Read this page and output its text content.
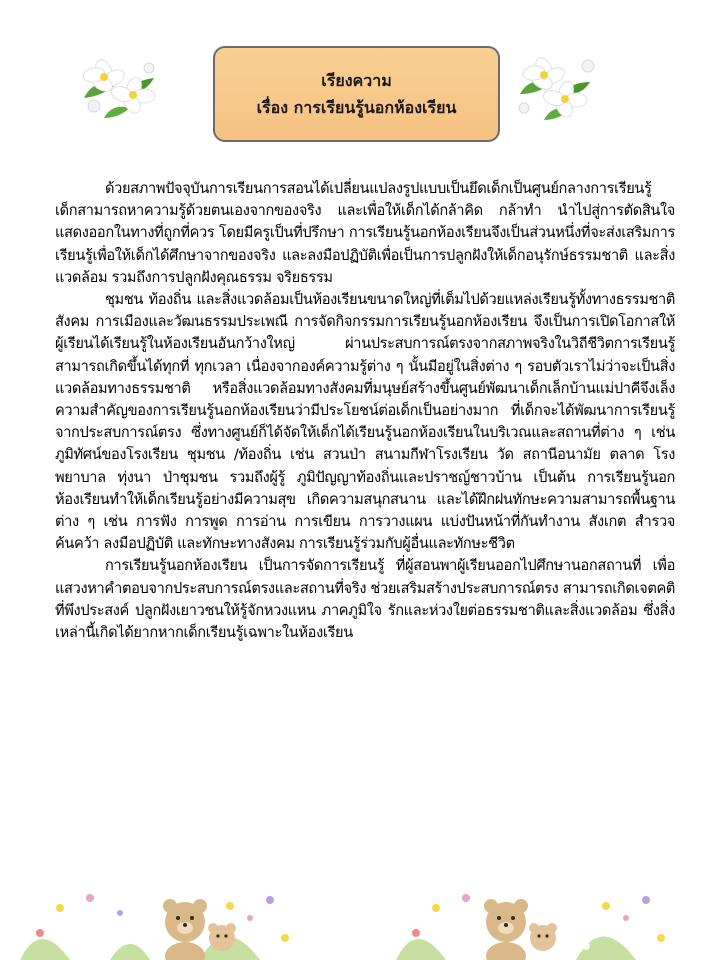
เรียงความ
เรื่อง การเรียนรู้นอกห้องเรียน

ด้วยสภาพปัจจุบันการเรียนการสอนได้เปลี่ยนแปลงรูปแบบเป็นยึดเด็กเป็นศูนย์กลางการเรียนรู้ เด็กสามารถหาความรู้ด้วยตนเองจากของจริง และเพื่อให้เด็กได้กล้าคิด กล้าทำ นำไปสู่การตัดสินใจ แสดงออกในทางที่ถูกที่ควร โดยมีครูเป็นที่ปรึกษา การเรียนรู้นอกห้องเรียนจึงเป็นส่วนหนึ่งที่จะส่งเสริมการเรียนรู้เพื่อให้เด็กได้ศึกษาจากของจริง และลงมือปฏิบัติเพื่อเป็นการปลูกฝังให้เด็กอนุรักษ์ธรรมชาติ และสิ่งแวดล้อม รวมถึงการปลูกฝังคุณธรรม จริยธรรม

ชุมชน ท้องถิ่น และสิ่งแวดล้อมเป็นห้องเรียนขนาดใหญ่ที่เต็มไปด้วยแหล่งเรียนรู้ทั้งทางธรรมชาติ สังคม การเมืองและวัฒนธรรมประเพณี การจัดกิจกรรมการเรียนรู้นอกห้องเรียน จึงเป็นการเปิดโอกาสให้ผู้เรียนได้เรียนรู้ในห้องเรียนอันกว้างใหญ่ ผ่านประสบการณ์ตรงจากสภาพจริงในวิถีชีวิตการเรียนรู้สามารถเกิดขึ้นได้ทุกที่ ทุกเวลา เนื่องจากองค์ความรู้ต่าง ๆ นั้นมีอยู่ในสิ่งต่าง ๆ รอบตัวเราไม่ว่าจะเป็นสิ่งแวดล้อมทางธรรมชาติ หรือสิ่งแวดล้อมทางสังคมที่มนุษย์สร้างขึ้นศูนย์พัฒนาเด็กเล็กบ้านแม่ปาคีจึงเล็งความสำคัญของการเรียนรู้นอกห้องเรียนว่ามีประโยชน์ต่อเด็กเป็นอย่างมาก ที่เด็กจะได้พัฒนาการเรียนรู้จากประสบการณ์ตรง ซึ่งทางศูนย์ก็ได้จัดให้เด็กได้เรียนรู้นอกห้องเรียนในบริเวณและสถานที่ต่าง ๆ เช่น ภูมิทัศน์ของโรงเรียน ชุมชน /ท้องถิ่น เช่น สวนป่า สนามกีฬาโรงเรียน วัด สถานีอนามัย ตลาด โรงพยาบาล ทุ่งนา ป่าชุมชน รวมถึงผู้รู้ ภูมิปัญญาท้องถิ่นและปราชญ์ชาวบ้าน เป็นต้น การเรียนรู้นอกห้องเรียนทำให้เด็กเรียนรู้อย่างมีความสุข เกิดความสนุกสนาน และได้ฝึกฝนทักษะความสามารถพื้นฐานต่าง ๆ เช่น การฟัง การพูด การอ่าน การเขียน การวางแผน แบ่งปันหน้าที่กันทำงาน สังเกต สำรวจค้นคว้า ลงมือปฏิบัติ และทักษะทางสังคม การเรียนรู้ร่วมกับผู้อื่นและทักษะชีวิต

การเรียนรู้นอกห้องเรียน เป็นการจัดการเรียนรู้ ที่ผู้สอนพาผู้เรียนออกไปศึกษานอกสถานที่ เพื่อแสวงหาคำตอบจากประสบการณ์ตรงและสถานที่จริง ช่วยเสริมสร้างประสบการณ์ตรง สามารถเกิดเจตคติที่พึงประสงค์ ปลูกฝังเยาวชนให้รู้จักหวงแหน ภาคภูมิใจ รักและห่วงใยต่อธรรมชาติและสิ่งแวดล้อม ซึ่งสิ่งเหล่านี้เกิดได้ยากหากเด็กเรียนรู้เฉพาะในห้องเรียน
